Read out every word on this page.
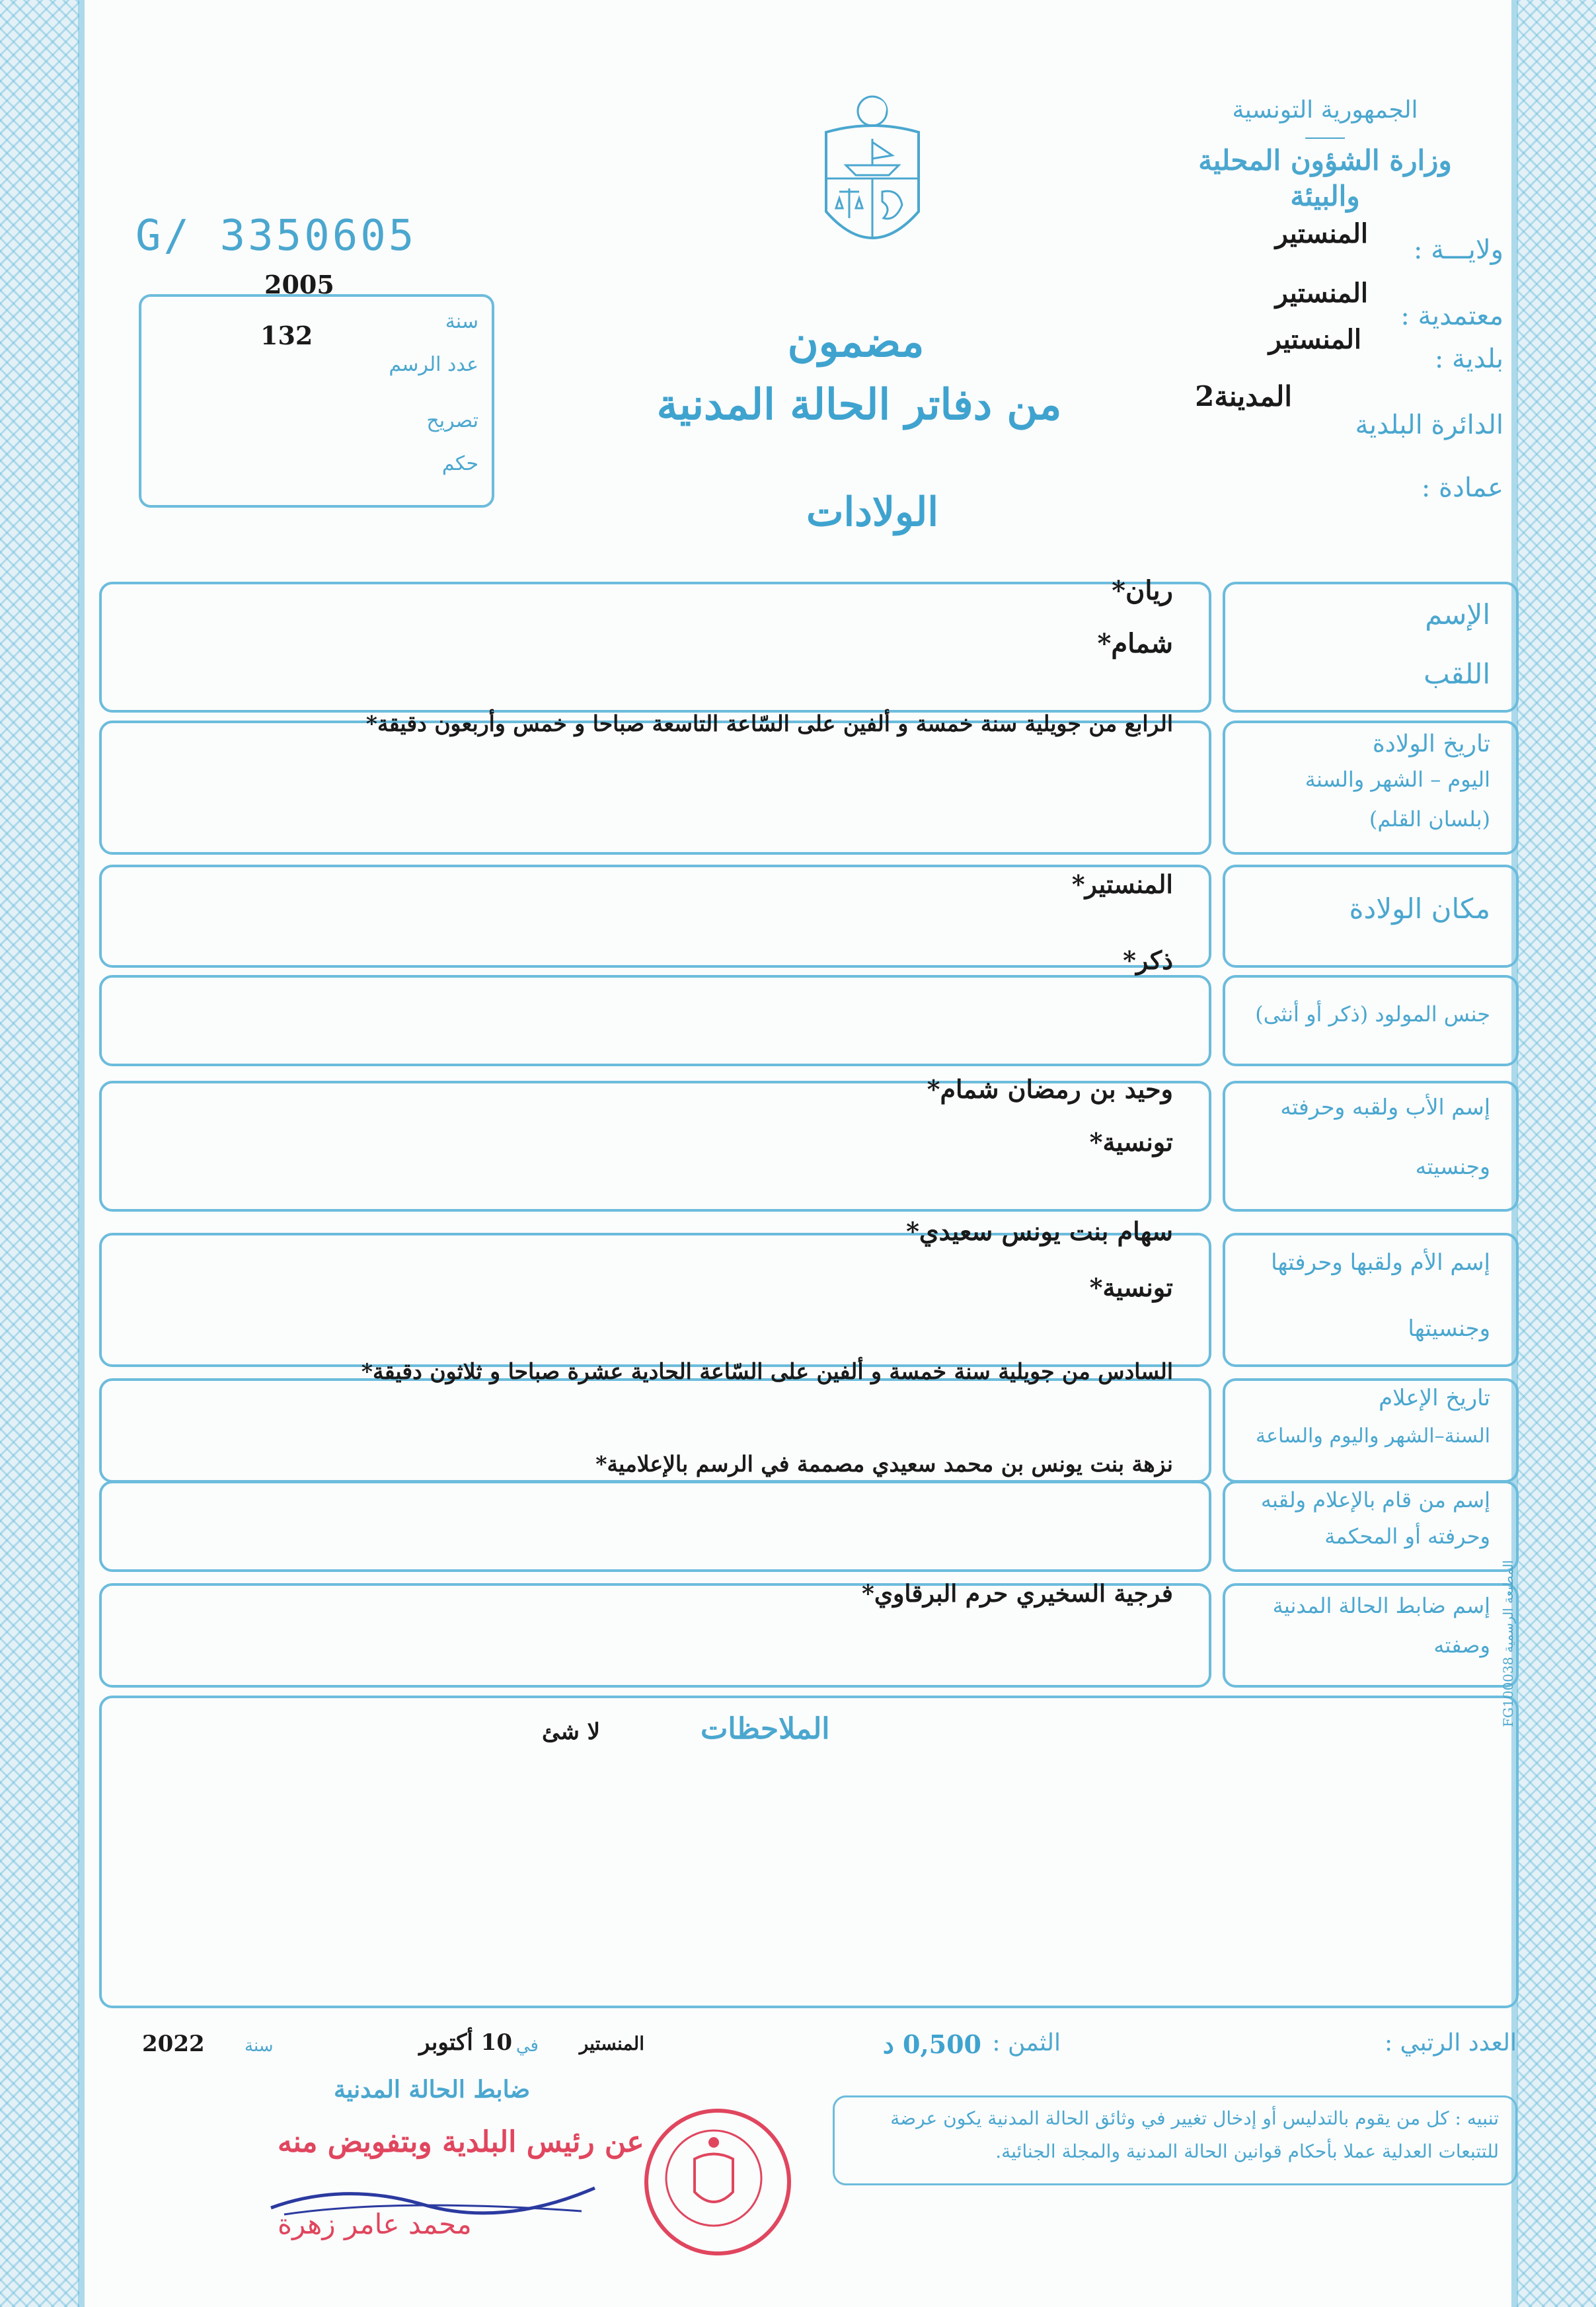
الجمهورية التونسية
وزارة الشؤون المحلية
والبيئة
ولايـــة :
المنستير
معتمدية :
المنستير
بلدية :
المنستير
الدائرة البلدية
المدينة2
عمادة :
G/ 3350605
2005
سنة
132
عدد الرسم
تصريح
حكم
مضمون
من دفاتر الحالة المدنية
الولادات
الإسم
اللقب
ريان*
شمام*
تاريخ الولادة
اليوم – الشهر والسنة
(بلسان القلم)
الرابع من جويلية سنة خمسة و ألفين على السّاعة التاسعة صباحا و خمس وأربعون دقيقة*
مكان الولادة
المنستير*
جنس المولود (ذكر أو أنثى)
ذكر*
إسم الأب ولقبه وحرفته
وجنسيته
وحيد بن رمضان شمام*
تونسية*
إسم الأم ولقبها وحرفتها
وجنسيتها
سهام بنت يونس سعيدي*
تونسية*
تاريخ الإعلام
السنة–الشهر واليوم والساعة
السادس من جويلية سنة خمسة و ألفين على السّاعة الحادية عشرة صباحا و ثلاثون دقيقة*
إسم من قام بالإعلام ولقبه
وحرفته أو المحكمة
نزهة بنت يونس بن محمد سعيدي مصممة في الرسم بالإعلامية*
إسم ضابط الحالة المدنية
وصفته
فرجية السخيري حرم البرقاوي*
الملاحظات
لا شئ
المطبعة الرسمية FG100038
العدد الرتبي :
الثمن :
0,500 د
المنستير
في
10 أكتوبر
سنة
2022
ضابط الحالة المدنية
عن رئيس البلدية وبتفويض منه
محمد عامر زهرة
تنبيه : كل من يقوم بالتدليس أو إدخال تغيير في وثائق الحالة المدنية يكون عرضة
للتتبعات العدلية عملا بأحكام قوانين الحالة المدنية والمجلة الجنائية.
